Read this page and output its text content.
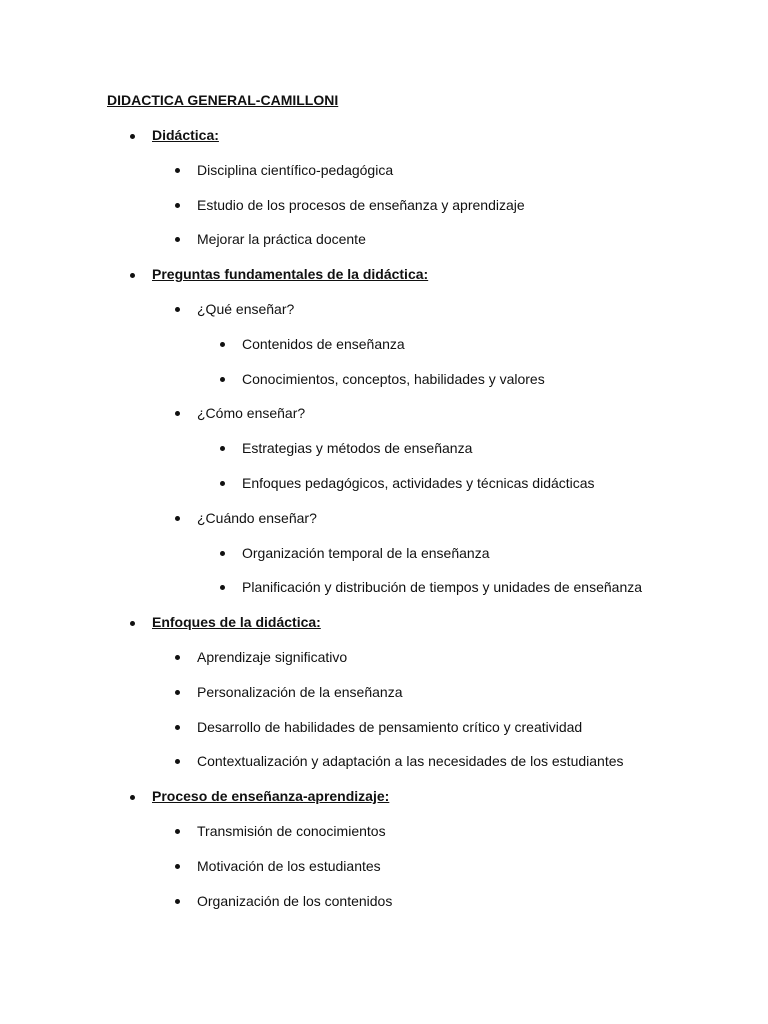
DIDACTICA GENERAL-CAMILLONI
Didáctica:
Disciplina científico-pedagógica
Estudio de los procesos de enseñanza y aprendizaje
Mejorar la práctica docente
Preguntas fundamentales de la didáctica:
¿Qué enseñar?
Contenidos de enseñanza
Conocimientos, conceptos, habilidades y valores
¿Cómo enseñar?
Estrategias y métodos de enseñanza
Enfoques pedagógicos, actividades y técnicas didácticas
¿Cuándo enseñar?
Organización temporal de la enseñanza
Planificación y distribución de tiempos y unidades de enseñanza
Enfoques de la didáctica:
Aprendizaje significativo
Personalización de la enseñanza
Desarrollo de habilidades de pensamiento crítico y creatividad
Contextualización y adaptación a las necesidades de los estudiantes
Proceso de enseñanza-aprendizaje:
Transmisión de conocimientos
Motivación de los estudiantes
Organización de los contenidos
